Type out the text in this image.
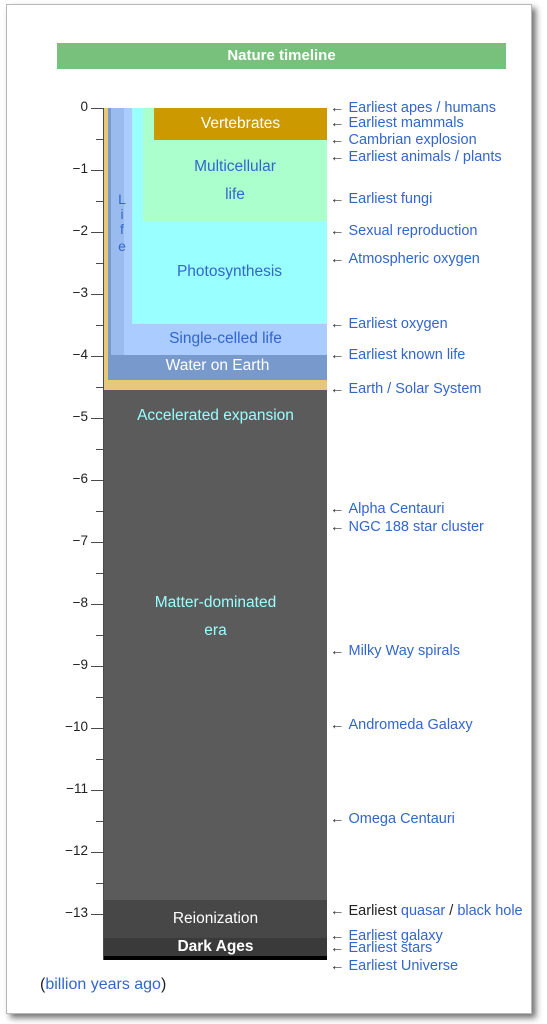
Nature timeline
0
−1
−2
−3
−4
−5
−6
−7
−8
−9
−10
−11
−12
−13
Accelerated expansion
Matter-dominated
era
Reionization
Dark Ages
Water on Earth
Single-celled life
Photosynthesis
Multicellular
life
Vertebrates
L
i
f
e
← Earliest apes / humans
← Earliest mammals
← Cambrian explosion
← Earliest animals / plants
← Earliest fungi
← Sexual reproduction
← Atmospheric oxygen
← Earliest oxygen
← Earliest known life
← Earth / Solar System
← Alpha Centauri
← NGC 188 star cluster
← Milky Way spirals
← Andromeda Galaxy
← Omega Centauri
← Earliest quasar / black hole
← Earliest galaxy
← Earliest stars
← Earliest Universe
(billion years ago)
